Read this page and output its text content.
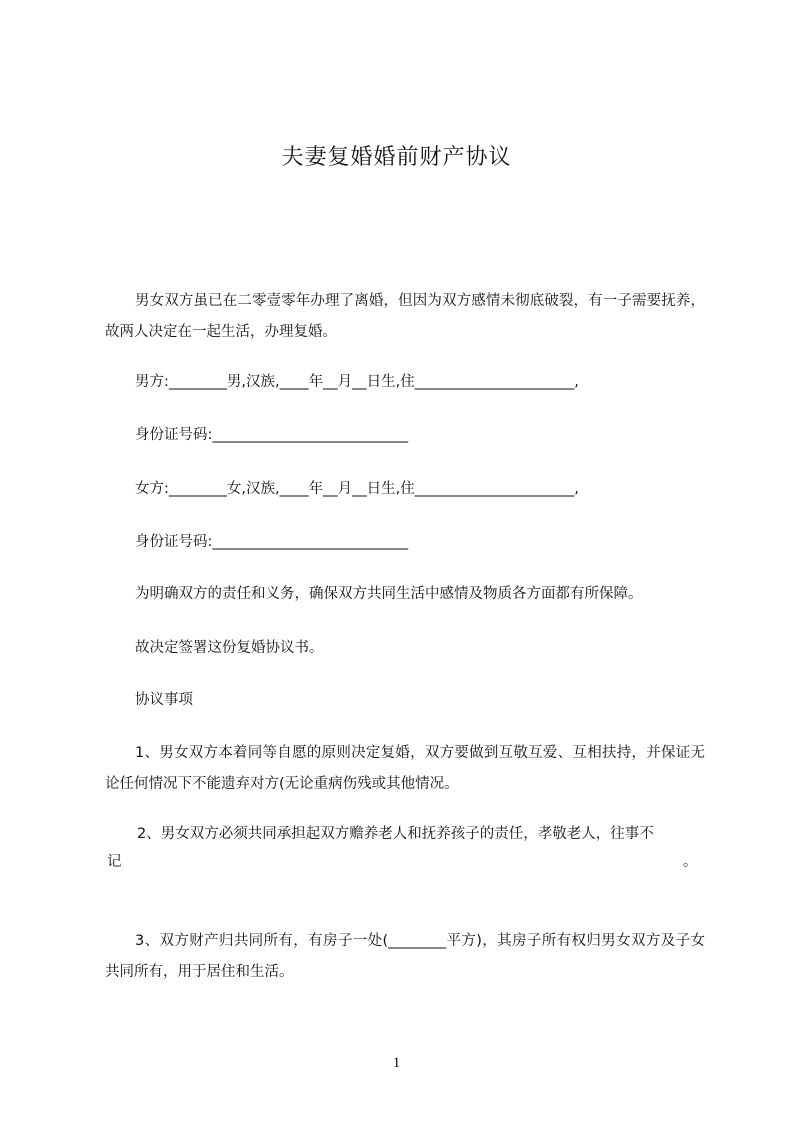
夫妻复婚婚前财产协议
男女双方虽已在二零壹零年办理了离婚，但因为双方感情未彻底破裂，有一子需要抚养，故两人决定在一起生活，办理复婚。
男方:________男,汉族,____年__月__日生,住______________________,
身份证号码:___________________________
女方:________女,汉族,____年__月__日生,住______________________,
身份证号码:___________________________
为明确双方的责任和义务，确保双方共同生活中感情及物质各方面都有所保障。
故决定签署这份复婚协议书。
协议事项
1、男女双方本着同等自愿的原则决定复婚，双方要做到互敬互爱、互相扶持，并保证无论任何情况下不能遗弃对方(无论重病伤残或其他情况。
2、男女双方必须共同承担起双方赡养老人和抚养孩子的责任，孝敬老人，往事不
记	。
3、双方财产归共同所有，有房子一处(________平方)，其房子所有权归男女双方及子女共同所有，用于居住和生活。
1
